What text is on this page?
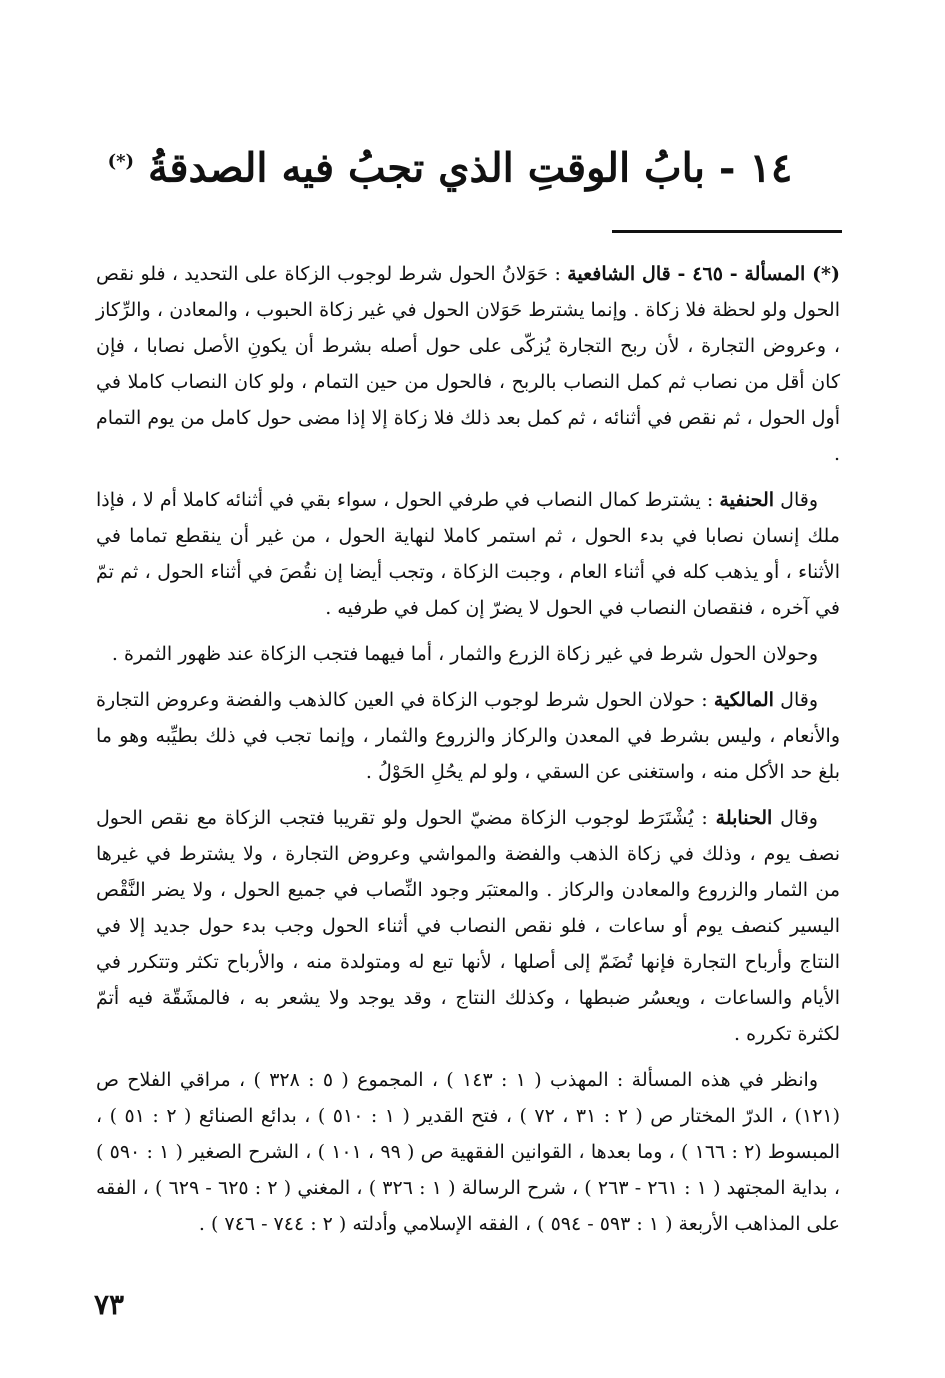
١٤ - بابُ الوقتِ الذي تجبُ فيه الصدقةُ (*)

(*) المسألة - ٤٦٥ - قال الشافعية : حَوَلانُ الحول شرط لوجوب الزكاة على التحديد ، فلو نقص الحول ولو لحظة فلا زكاة . وإنما يشترط حَوَلان الحول في غير زكاة الحبوب ، والمعادن ، والرِّكاز ، وعروض التجارة ، لأن ربح التجارة يُزكّى على حول أصله بشرط أن يكونِ الأصل نصابا ، فإن كان أقل من نصاب ثم كمل النصاب بالربح ، فالحول من حين التمام ، ولو كان النصاب كاملا في أول الحول ، ثم نقص في أثنائه ، ثم كمل بعد ذلك فلا زكاة إلا إذا مضى حول كامل من يوم التمام .

وقال الحنفية : يشترط كمال النصاب في طرفي الحول ، سواء بقي في أثنائه كاملا أم لا ، فإذا ملك إنسان نصابا في بدء الحول ، ثم استمر كاملا لنهاية الحول ، من غير أن ينقطع تماما في الأثناء ، أو يذهب كله في أثناء العام ، وجبت الزكاة ، وتجب أيضا إن نقُصَ في أثناء الحول ، ثم تمّ في آخره ، فنقصان النصاب في الحول لا يضرّ إن كمل في طرفيه .

وحولان الحول شرط في غير زكاة الزرع والثمار ، أما فيهما فتجب الزكاة عند ظهور الثمرة .

وقال المالكية : حولان الحول شرط لوجوب الزكاة في العين كالذهب والفضة وعروض التجارة والأنعام ، وليس بشرط في المعدن والركاز والزروع والثمار ، وإنما تجب في ذلك بطيِّبه وهو ما بلغ حد الأكل منه ، واستغنى عن السقي ، ولو لم يحُلِ الحَوْلُ .

وقال الحنابلة : يُشْتَرَط لوجوب الزكاة مضيّ الحول ولو تقريبا فتجب الزكاة مع نقص الحول نصف يوم ، وذلك في زكاة الذهب والفضة والمواشي وعروض التجارة ، ولا يشترط في غيرها من الثمار والزروع والمعادن والركاز . والمعتبَر وجود النِّصاب في جميع الحول ، ولا يضر النَّقْص اليسير كنصف يوم أو ساعات ، فلو نقص النصاب في أثناء الحول وجب بدء حول جديد إلا في النتاج وأرباح التجارة فإنها تُضَمّ إلى أصلها ، لأنها تبع له ومتولدة منه ، والأرباح تكثر وتتكرر في الأيام والساعات ، ويعسُر ضبطها ، وكذلك النتاج ، وقد يوجد ولا يشعر به ، فالمشَقّة فيه أتمّ لكثرة تكرره .

وانظر في هذه المسألة : المهذب ( ١ : ١٤٣ ) ، المجموع ( ٥ : ٣٢٨ ) ، مراقي الفلاح ص (١٢١) ، الدرّ المختار ص ( ٢ : ٣١ ، ٧٢ ) ، فتح القدير ( ١ : ٥١٠ ) ، بدائع الصنائع ( ٢ : ٥١ ) ، المبسوط (٢ : ١٦٦ ) ، وما بعدها ، القوانين الفقهية ص ( ٩٩ ، ١٠١ ) ، الشرح الصغير ( ١ : ٥٩٠ ) ، بداية المجتهد ( ١ : ٢٦١ - ٢٦٣ ) ، شرح الرسالة ( ١ : ٣٢٦ ) ، المغني ( ٢ : ٦٢٥ - ٦٢٩ ) ، الفقه على المذاهب الأربعة ( ١ : ٥٩٣ - ٥٩٤ ) ، الفقه الإسلامي وأدلته ( ٢ : ٧٤٤ - ٧٤٦ ) .

٧٣
